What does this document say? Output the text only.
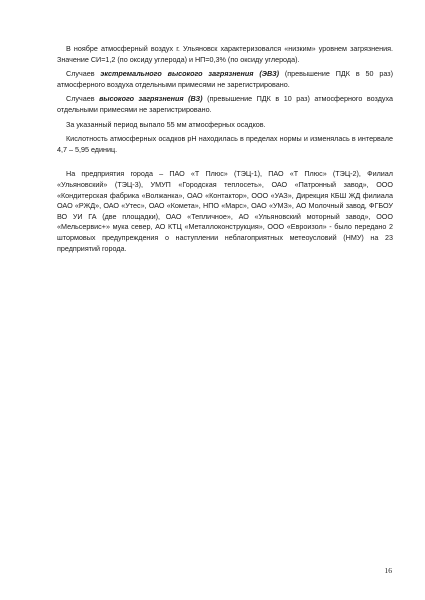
В ноябре атмосферный воздух г. Ульяновск характеризовался «низким» уровнем загрязнения. Значение СИ=1,2 (по оксиду углерода) и НП=0,3% (по оксиду углерода).

Случаев экстремального высокого загрязнения (ЭВЗ) (превышение ПДК в 50 раз) атмосферного воздуха отдельными примесями не зарегистрировано.

Случаев высокого загрязнения (ВЗ) (превышение ПДК в 10 раз) атмосферного воздуха отдельными примесями не зарегистрировано.

За указанный период выпало 55 мм атмосферных осадков.

Кислотность атмосферных осадков pH находилась в пределах нормы и изменялась в интервале 4,7 – 5,95 единиц.

На предприятия города – ПАО «Т Плюс» (ТЭЦ-1), ПАО «Т Плюс» (ТЭЦ-2), Филиал «Ульяновский» (ТЭЦ-3), УМУП «Городская теплосеть», ОАО «Патронный завод», ООО «Кондитерская фабрика «Волжанка», ОАО «Контактор», ООО «УАЗ», Дирекция КБШ ЖД филиала ОАО «РЖД», ОАО «Утес», ОАО «Комета», НПО «Марс», ОАО «УМЗ», АО Молочный завод, ФГБОУ ВО УИ ГА (две площадки), ОАО «Тепличное», АО «Ульяновский моторный завод», ООО «Мельсервис+» мука север, АО КТЦ «Металлоконструкция», ООО «Евроизол» - было передано 2 штормовых предупреждения о наступлении неблагоприятных метеоусловий (НМУ) на 23 предприятий города.

16
